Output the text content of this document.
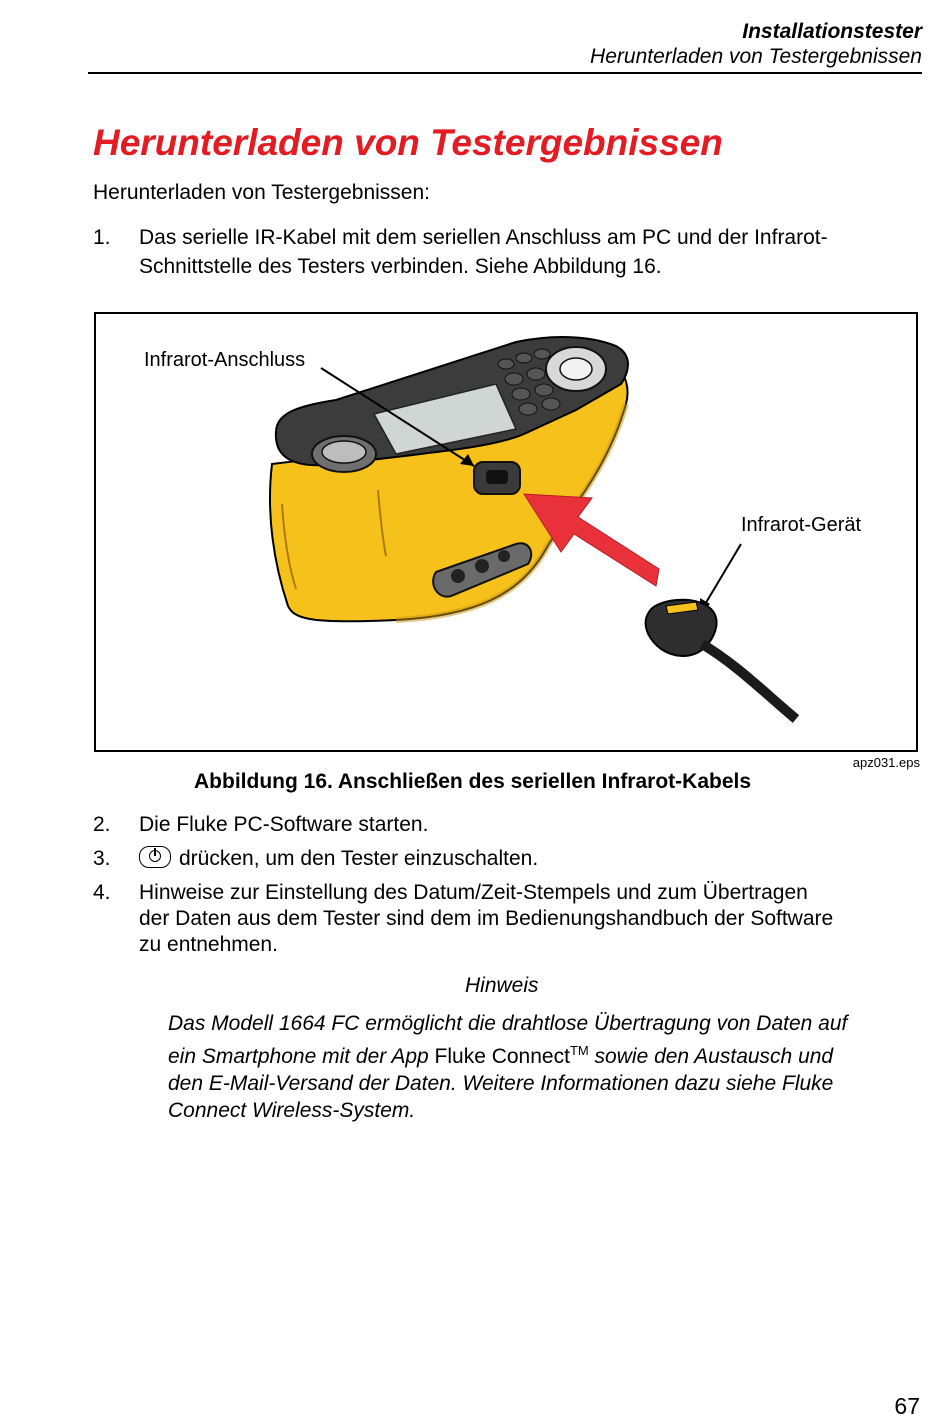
Installationstester
Herunterladen von Testergebnissen
Herunterladen von Testergebnissen
Herunterladen von Testergebnissen:
1. Das serielle IR-Kabel mit dem seriellen Anschluss am PC und der Infrarot-
Schnittstelle des Testers verbinden. Siehe Abbildung 16.
Infrarot-Anschluss
Infrarot-Gerät
apz031.eps
Abbildung 16. Anschließen des seriellen Infrarot-Kabels
2. Die Fluke PC-Software starten.
3.	drücken, um den Tester einzuschalten.
4. Hinweise zur Einstellung des Datum/Zeit-Stempels und zum Übertragen
der Daten aus dem Tester sind dem im Bedienungshandbuch der Software
zu entnehmen.
Hinweis
Das Modell 1664 FC ermöglicht die drahtlose Übertragung von Daten auf ein Smartphone mit der App Fluke Connect™ sowie den Austausch und den E-Mail-Versand der Daten. Weitere Informationen dazu siehe Fluke Connect Wireless-System.
67
